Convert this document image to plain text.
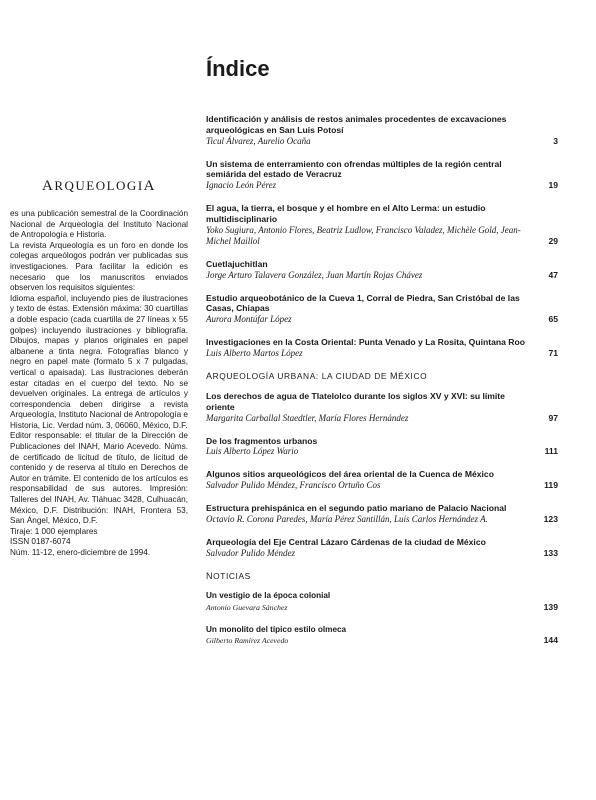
Índice
ARQUEOLOGIA

es una publicación semestral de la Coordinación Nacional de Arqueología del Instituto Nacional de Antropología e Historia.

La revista Arqueología es un foro en donde los colegas arqueólogos podrán ver publicadas sus investigaciones. Para facilitar la edición es necesario que los manuscritos enviados observen los requisitos siguientes:

Idioma español, incluyendo pies de ilustraciones y texto de éstas. Extensión máxima: 30 cuartillas a doble espacio (cada cuartilla de 27 líneas x 55 golpes) incluyendo ilustraciones y bibliografía. Dibujos, mapas y planos originales en papel albanene a tinta negra. Fotografías blanco y negro en papel mate (formato 5 x 7 pulgadas, vertical o apaisada). Las ilustraciones deberán estar citadas en el cuerpo del texto. No se devuelven originales. La entrega de artículos y correspondencia deben dirigirse a revista Arqueología, Instituto Nacional de Antropología e Historia, Lic. Verdad núm. 3, 06060, México, D.F.

Editor responsable: el titular de la Dirección de Publicaciones del INAH, Mario Acevedo. Núms. de certificado de licitud de título, de licitud de contenido y de reserva al título en Derechos de Autor en trámite. El contenido de los artículos es responsabilidad de sus autores. Impresión: Talleres del INAH, Av. Tláhuac 3428, Culhuacán, México, D.F. Distribución: INAH, Frontera 53, San Ángel, México, D.F.

Tiraje: 1 000 ejemplares

ISSN 0187-6074

Núm. 11-12, enero-diciembre de 1994.

Identificación y análisis de restos animales procedentes de excavaciones arqueológicas en San Luis Potosí
Ticul Álvarez, Aurelio Ocaña	3
Un sistema de enterramiento con ofrendas múltiples de la región central semiárida del estado de Veracruz
Ignacio León Pérez	19
El agua, la tierra, el bosque y el hombre en el Alto Lerma: un estudio multidisciplinario
Yoko Sugiura, Antonio Flores, Beatriz Ludlow, Francisco Valadez, Michèle Gold, Jean-Michel Maillol	29
Cuetlajuchitlan
Jorge Arturo Talavera González, Juan Martín Rojas Chávez	47
Estudio arqueobotánico de la Cueva 1, Corral de Piedra, San Cristóbal de las Casas, Chiapas
Aurora Montúfar López	65
Investigaciones en la Costa Oriental: Punta Venado y La Rosita, Quintana Roo
Luis Alberto Martos López	71
ARQUEOLOGÍA URBANA: LA CIUDAD DE MÉXICO
Los derechos de agua de Tlatelolco durante los siglos XV y XVI: su límite oriente
Margarita Carballal Staedtler, María Flores Hernández	97
De los fragmentos urbanos
Luis Alberto López Wario	111
Algunos sitios arqueológicos del área oriental de la Cuenca de México
Salvador Pulido Méndez, Francisco Ortuño Cos	119
Estructura prehispánica en el segundo patio mariano de Palacio Nacional
Octavio R. Corona Paredes, María Pérez Santillán, Luis Carlos Hernández A.	123
Arqueología del Eje Central Lázaro Cárdenas de la ciudad de México
Salvador Pulido Méndez	133
NOTICIAS
Un vestigio de la época colonial
Antonio Guevara Sánchez	139
Un monolito del típico estilo olmeca
Gilberto Ramírez Acevedo	144
